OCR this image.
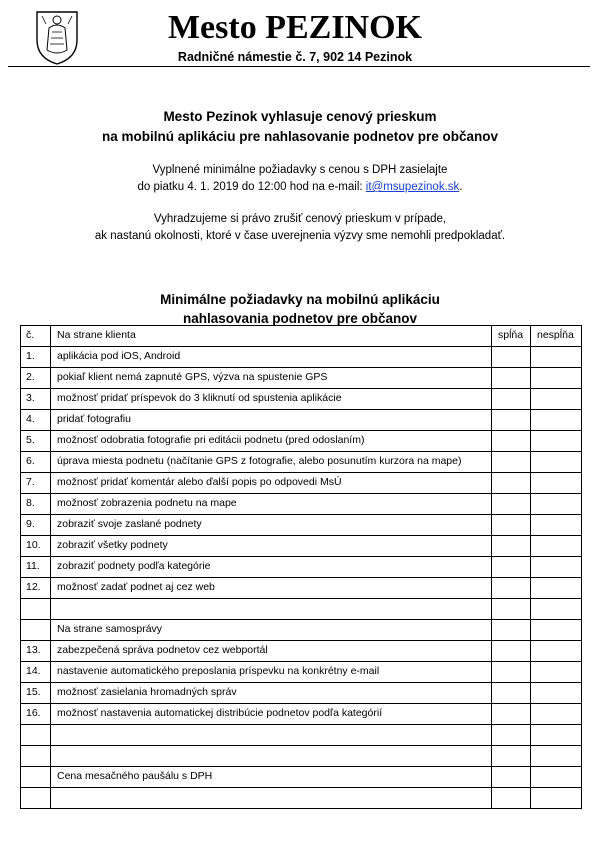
Mesto PEZINOK
Radničné námestie č. 7, 902 14 Pezinok
Mesto Pezinok vyhlasuje cenový prieskum
na mobilnú aplikáciu pre nahlasovanie podnetov pre občanov
Vyplnené minimálne požiadavky s cenou s DPH zasielajte
do piatku 4. 1. 2019 do 12:00 hod na e-mail: it@msupezinok.sk.
Vyhradzujeme si právo zrušiť cenový prieskum v prípade,
ak nastanú okolnosti, ktoré v čase uverejnenia výzvy sme nemohli predpokladať.
Minimálne požiadavky na mobilnú aplikáciu
nahlasovania podnetov pre občanov
č.	Na strane klienta	spĺňa	nespĺňa
1.	aplikácia pod iOS, Android		
2.	pokiaľ klient nemá zapnuté GPS, výzva na spustenie GPS		
3.	možnosť pridať príspevok do 3 kliknutí od spustenia aplikácie		
4.	pridať fotografiu		
5.	možnosť odobratia fotografie pri editácii podnetu (pred odoslaním)		
6.	úprava miesta podnetu (načítanie GPS z fotografie, alebo posunutím kurzora na mape)		
7.	možnosť pridať komentár alebo ďalší popis po odpovedi MsÚ		
8.	možnosť zobrazenia podnetu na mape		
9.	zobraziť svoje zaslané podnety		
10.	zobraziť všetky podnety		
11.	zobraziť podnety podľa kategórie		
12.	možnosť zadať podnet aj cez web		

	Na strane samosprávy		
13.	zabezpečená správa podnetov cez webportál		
14.	nastavenie automatického preposlania príspevku na konkrétny e-mail		
15.	možnosť zasielania hromadných správ		
16.	možnosť nastavenia automatickej distribúcie podnetov podľa kategórií		

	Cena mesačného paušálu s DPH		
